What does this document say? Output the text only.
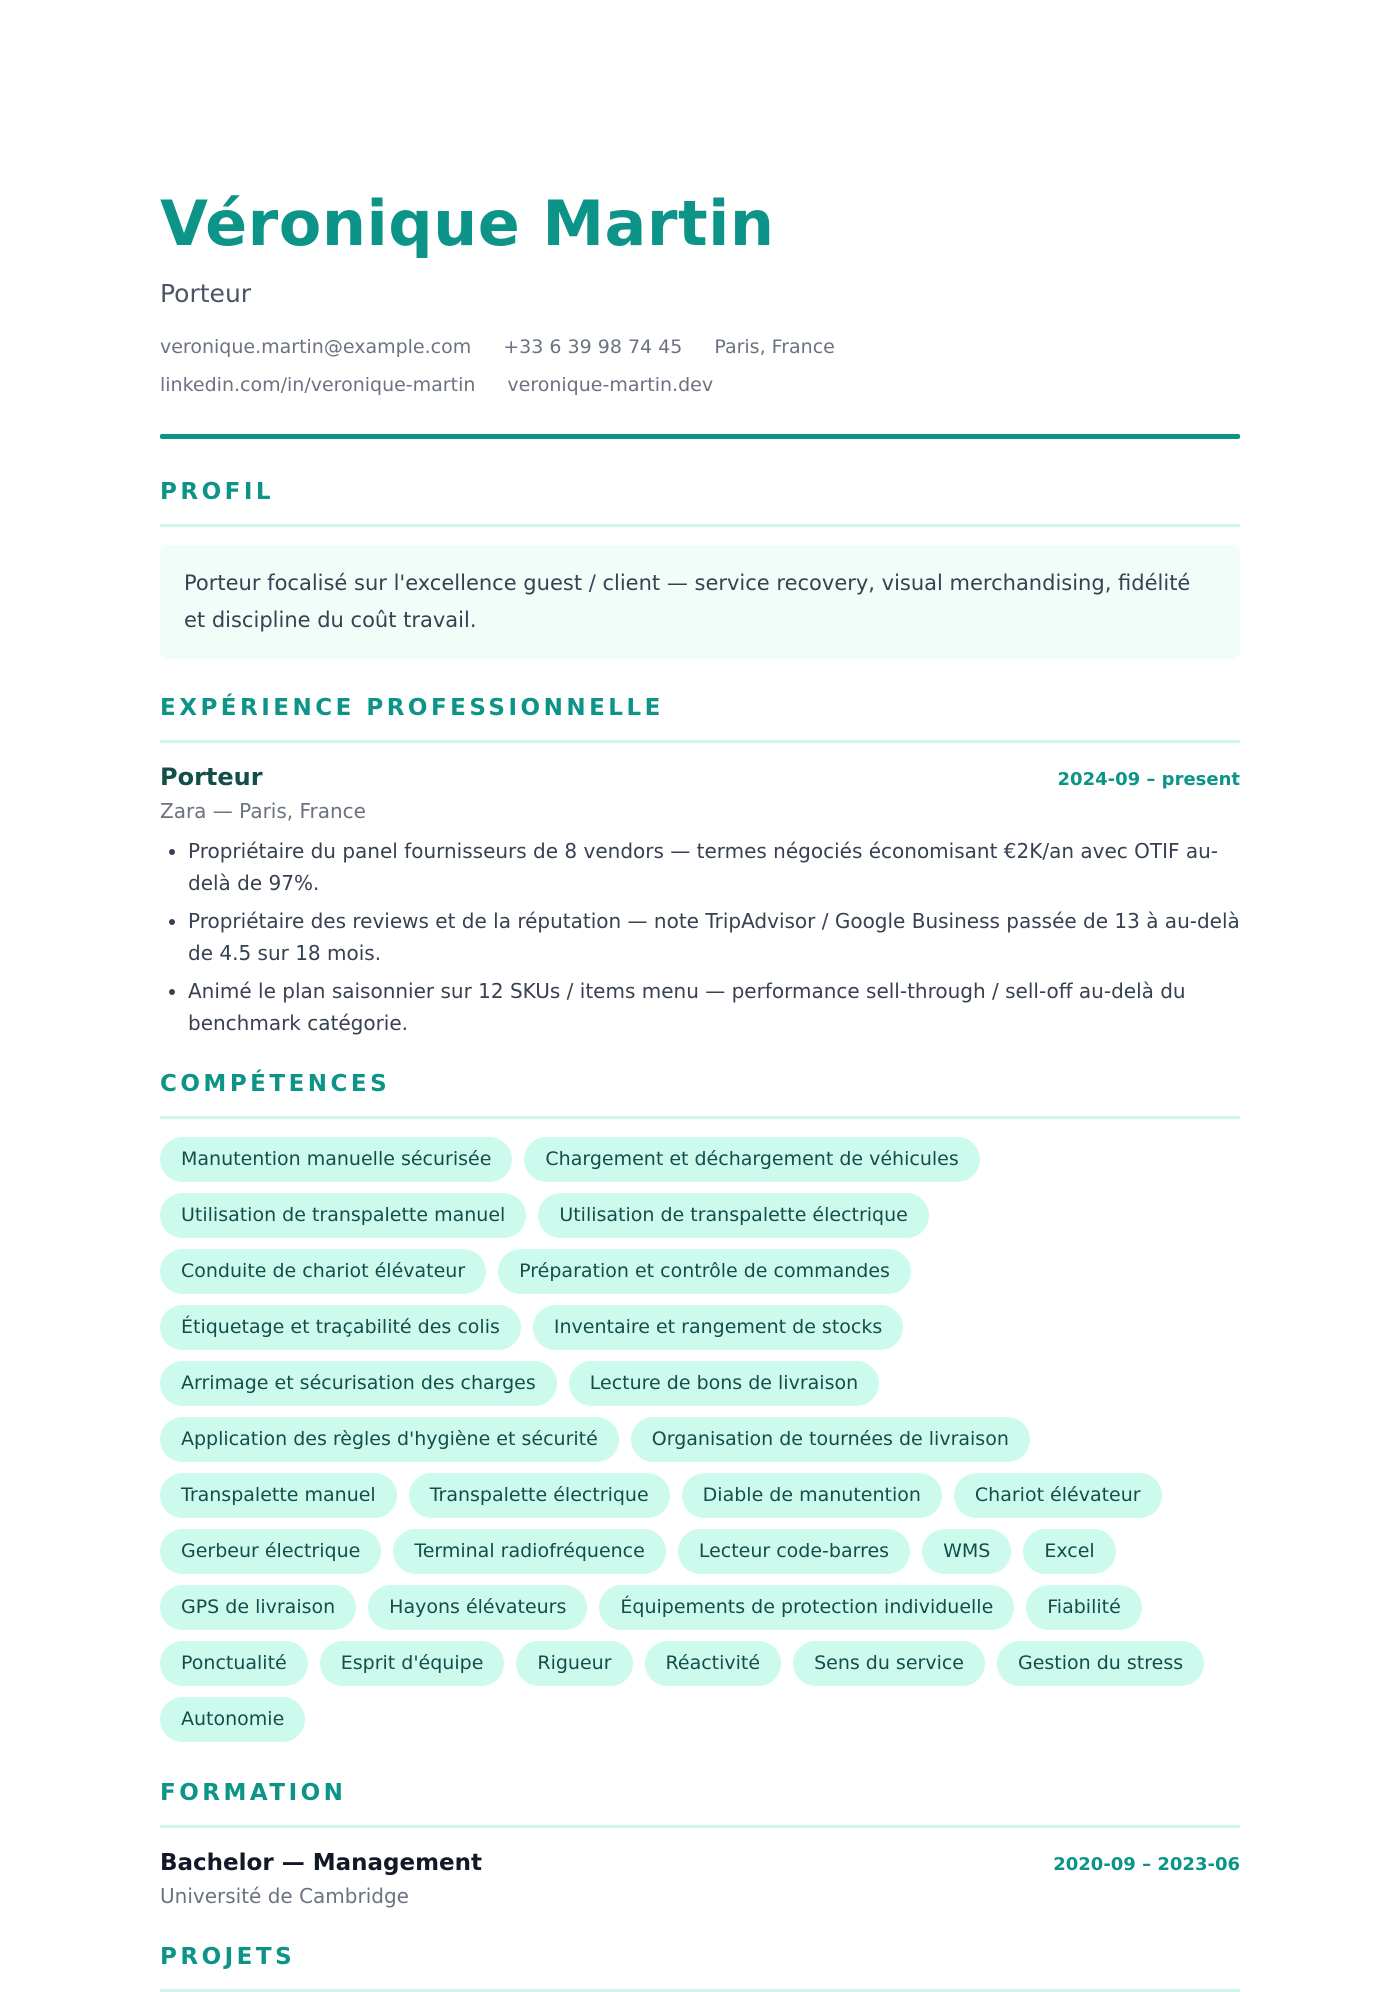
Véronique Martin
Porteur
veronique.martin@example.com +33 6 39 98 74 45 Paris, France
linkedin.com/in/veronique-martin veronique-martin.dev
PROFIL
Porteur focalisé sur l'excellence guest / client — service recovery, visual merchandising, fidélité et discipline du coût travail.
EXPÉRIENCE PROFESSIONNELLE
Porteur	2024-09 – present
Zara — Paris, France
• Propriétaire du panel fournisseurs de 8 vendors — termes négociés économisant €2K/an avec OTIF au-delà de 97%.
• Propriétaire des reviews et de la réputation — note TripAdvisor / Google Business passée de 13 à au-delà de 4.5 sur 18 mois.
• Animé le plan saisonnier sur 12 SKUs / items menu — performance sell-through / sell-off au-delà du benchmark catégorie.
COMPÉTENCES
Manutention manuelle sécurisée	Chargement et déchargement de véhicules
Utilisation de transpalette manuel	Utilisation de transpalette électrique
Conduite de chariot élévateur	Préparation et contrôle de commandes
Étiquetage et traçabilité des colis	Inventaire et rangement de stocks
Arrimage et sécurisation des charges	Lecture de bons de livraison
Application des règles d'hygiène et sécurité	Organisation de tournées de livraison
Transpalette manuel	Transpalette électrique	Diable de manutention	Chariot élévateur
Gerbeur électrique	Terminal radiofréquence	Lecteur code-barres	WMS	Excel
GPS de livraison	Hayons élévateurs	Équipements de protection individuelle	Fiabilité
Ponctualité	Esprit d'équipe	Rigueur	Réactivité	Sens du service	Gestion du stress
Autonomie
FORMATION
Bachelor — Management	2020-09 – 2023-06
Université de Cambridge
PROJETS
